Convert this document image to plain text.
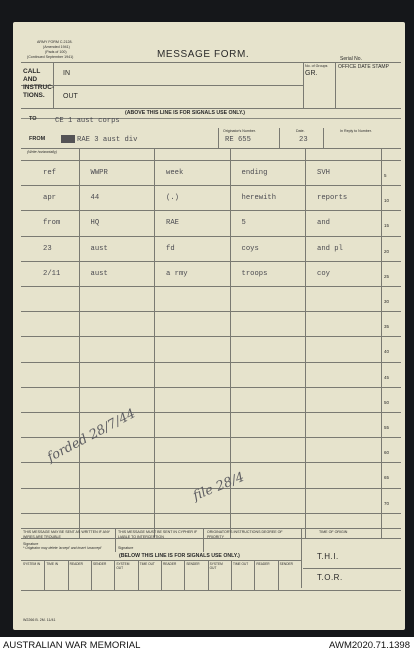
ARMY FORM C.2128.
(Amended 1941)
(Pads of 100)
(Continued September 1941)	MESSAGE FORM.	Serial No.
CALL AND INSTRUC-TIONS.
IN
OUT
No. of Groups
GR.
OFFICE DATE STAMP
(ABOVE THIS LINE IS FOR SIGNALS USE ONLY.)
TO	CE 1 aust corps
FROM	RAE 3 aust div
Originator's Number.	Date.	In Reply to Number.
RE 655	23
(Write horizontally)
ref	WWPR	week	ending	SVH
apr	44	(.)	herewith	reports
from	HQ	RAE	5	and
23	aust	fd	coys	and pl
2/11	aust	a rmy	troops	coy
5
10
15
20
25
30
35
40
45
50
55
60
65
70
forded 28/7/44
file 28/4
THIS MESSAGE MAY BE SENT AS WRITTEN IF ANY WIRES ARE TROUBLE
Signature
* Originator may delete 'accept' and insert 'unaccept'
THIS MESSAGE MUST BE SENT IN CYPHER IF LIABLE TO INTERCEPTION
Signature
ORIGINATOR'S INSTRUCTIONS DEGREE OF PRIORITY
TIME OF ORIGIN
(BELOW THIS LINE IS FOR SIGNALS USE ONLY.)
SYSTEM IN	TIME IN	READER	SENDER	SYSTEM OUT
TIME OUT	READER	SENDER	SYSTEM OUT
TIME OUT	READER	SENDER
T.H.I.
T.O.R.
W2266 B. 2M. 11/41
AUSTRALIAN WAR MEMORIAL	AWM2020.71.1398
